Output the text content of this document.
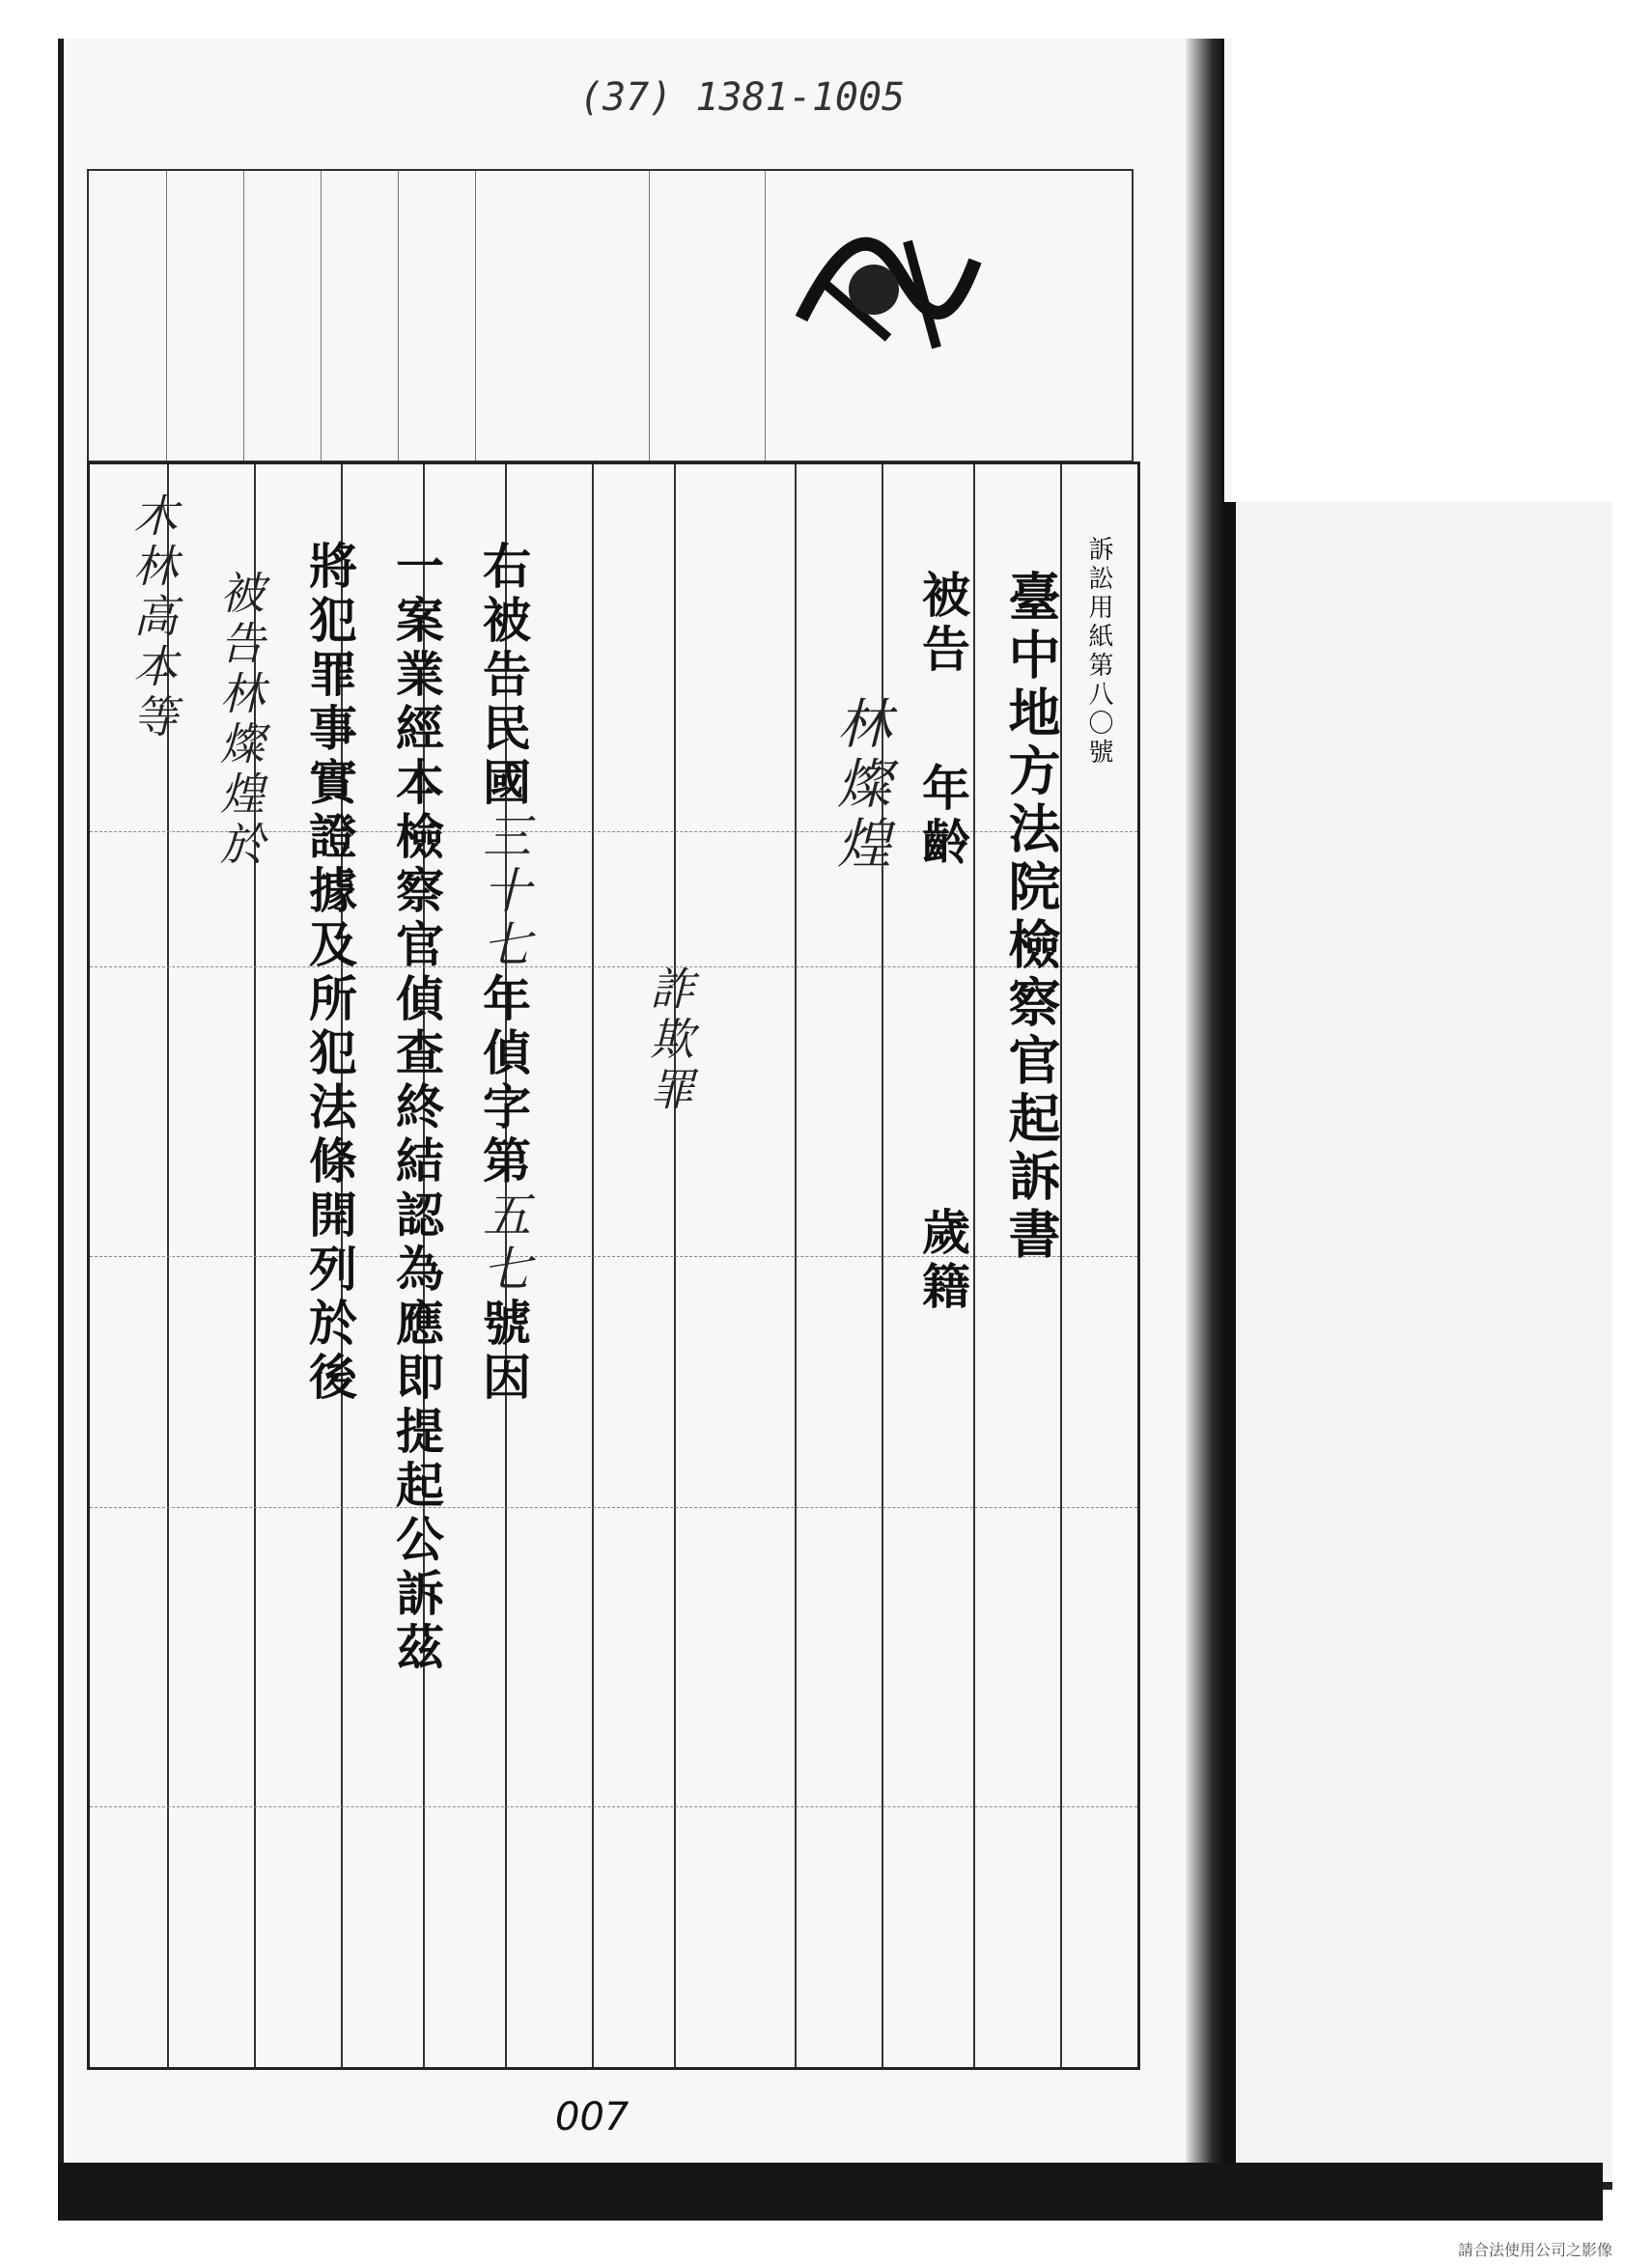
(37) 1381-1005
訴訟用紙第八〇號
臺中地方法院檢察官起訴書
被告
年齡
歲籍
林燦煌
詐欺罪
右被告民國三十七年偵字第五七號因
一案業經本檢察官偵查終結認為應即提起公訴茲
將犯罪事實證據及所犯法條開列於後
被告林燦煌於
木林高本等
007
請合法使用公司之影像
